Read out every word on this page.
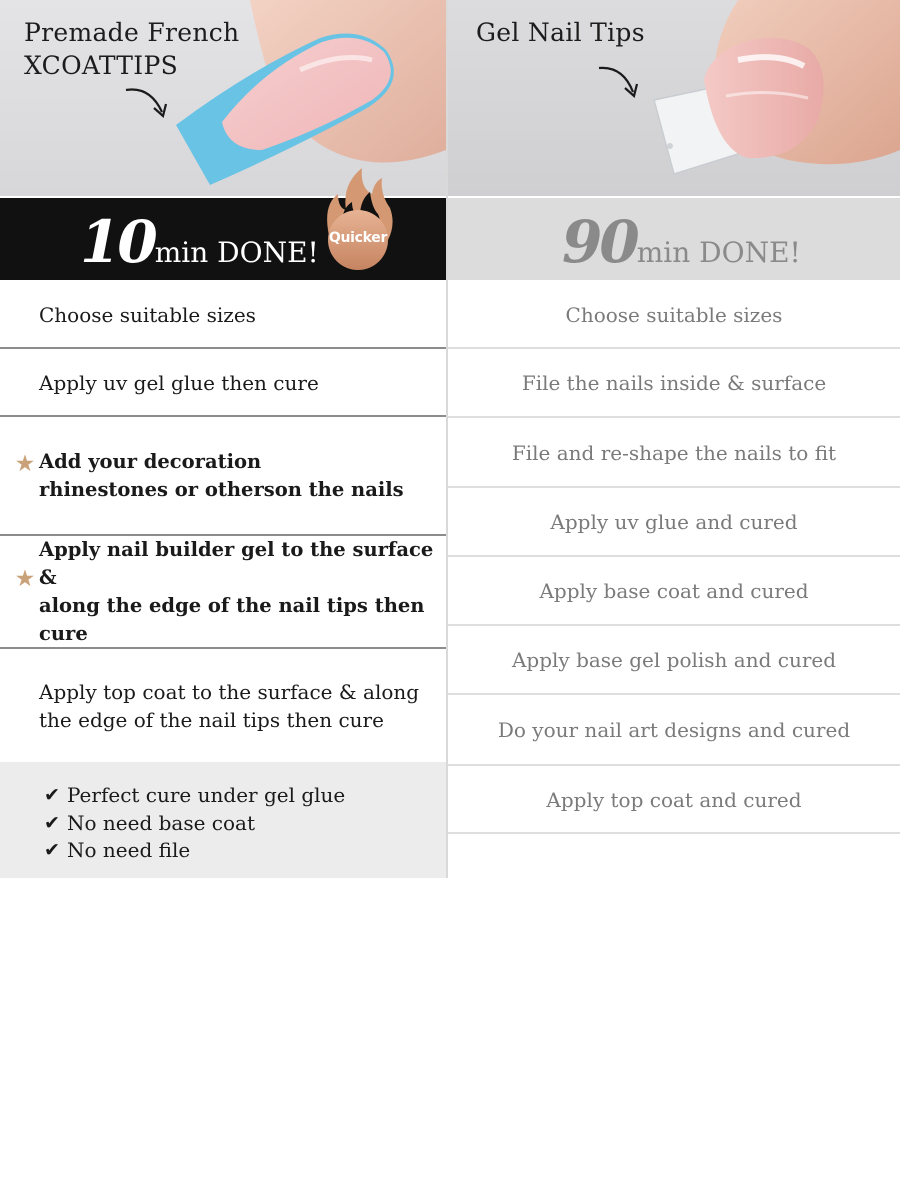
Premade French
XCOATTIPS
Gel Nail Tips
10min DONE!	90min DONE!
Quicker
Choose suitable sizes
Apply uv gel glue then cure
★ Add your decoration
rhinestones or otherson the nails
★
Apply nail builder gel to the surface &
along the edge of the nail tips then cure
Apply top coat to the surface & along
the edge of the nail tips then cure
✔ Perfect cure under gel glue
✔ No need base coat
✔ No need file
Choose suitable sizes
File the nails inside & surface
File and re-shape the nails to fit
Apply uv glue and cured
Apply base coat and cured
Apply base gel polish and cured
Do your nail art designs and cured
Apply top coat and cured
